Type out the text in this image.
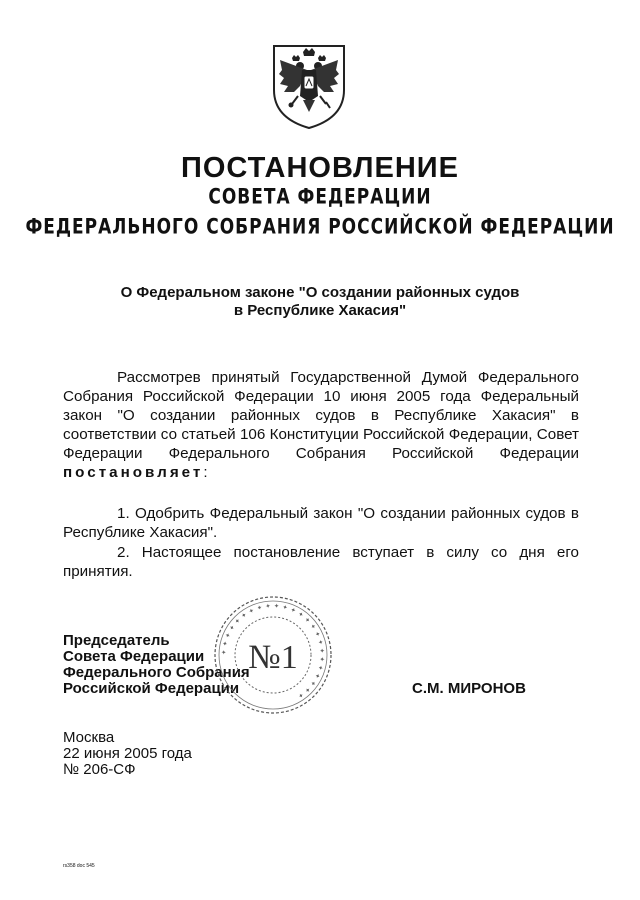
ПОСТАНОВЛЕНИЕ
СОВЕТА ФЕДЕРАЦИИ
ФЕДЕРАЛЬНОГО СОБРАНИЯ РОССИЙСКОЙ ФЕДЕРАЦИИ
О Федеральном законе "О создании районных судов
в Республике Хакасия"
Рассмотрев принятый Государственной Думой Федерального Собрания Российской Федерации 10 июня 2005 года Федеральный закон "О создании районных судов в Республике Хакасия" в соответствии со статьей 106 Конституции Российской Федерации, Совет Федерации Федерального Собрания Российской Федерации постановляет:
1. Одобрить Федеральный закон "О создании районных судов в Республике Хакасия".
2. Настоящее постановление вступает в силу со дня его принятия.
Председатель
Совета Федерации
Федерального Собрания
Российской Федерации
✦ ✦ ✦ ✦ ✦ ✦ ✦ ✦ ✦ ✦ ✦ ✦ ✦ ✦ ✦ ✦ ✦ ✦ ✦ ✦ ✦ ✦ ✦ ✦
№1
С.М. МИРОНОВ
Москва
22 июня 2005 года
№ 206-СФ
rs358 doc 545
